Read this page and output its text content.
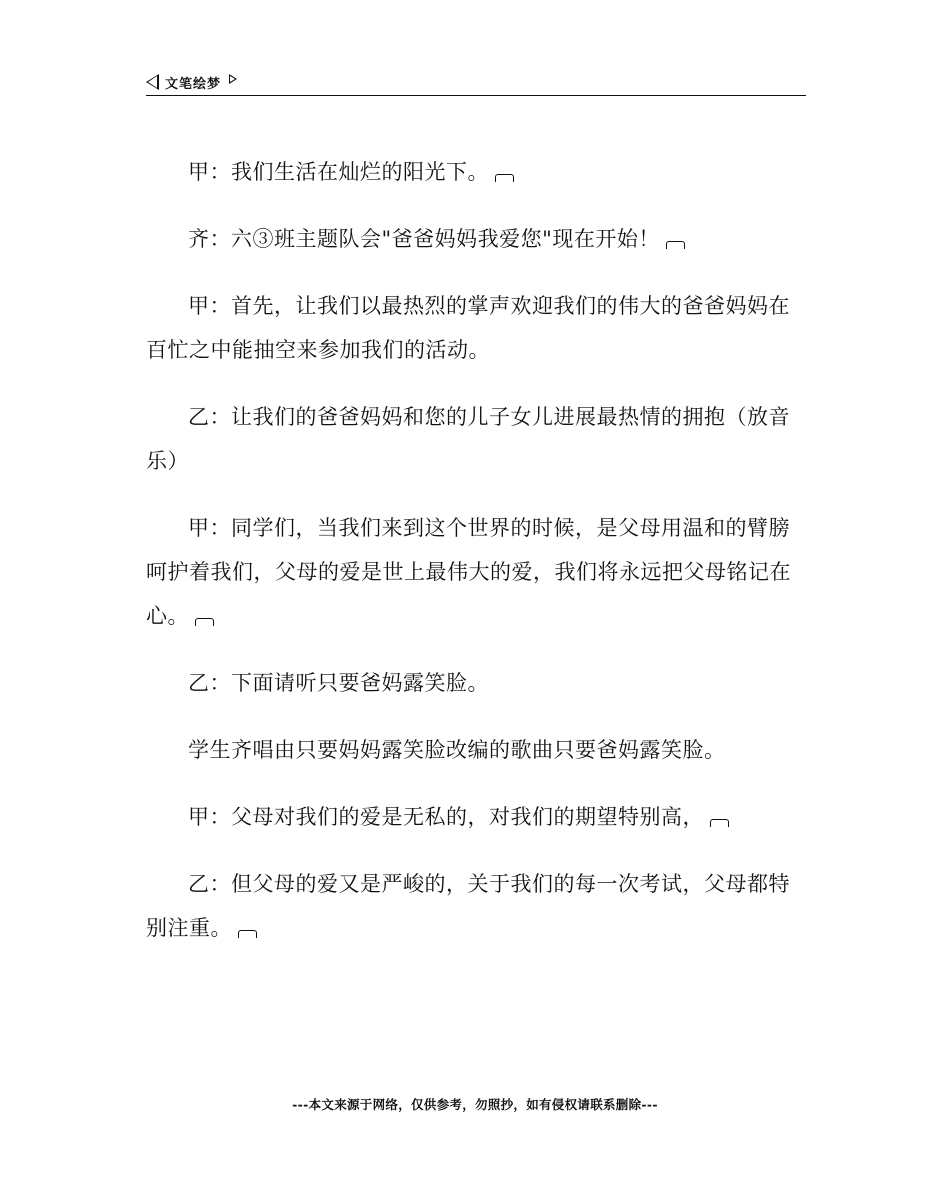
文笔绘梦

甲：我们生活在灿烂的阳光下。

齐：六③班主题队会"爸爸妈妈我爱您"现在开始！

甲：首先，让我们以最热烈的掌声欢迎我们的伟大的爸爸妈妈在百忙之中能抽空来参加我们的活动。

乙：让我们的爸爸妈妈和您的儿子女儿进展最热情的拥抱（放音乐）

甲：同学们，当我们来到这个世界的时候，是父母用温和的臂膀呵护着我们，父母的爱是世上最伟大的爱，我们将永远把父母铭记在心。

乙：下面请听只要爸妈露笑脸。

学生齐唱由只要妈妈露笑脸改编的歌曲只要爸妈露笑脸。

甲：父母对我们的爱是无私的，对我们的期望特别高，

乙：但父母的爱又是严峻的，关于我们的每一次考试，父母都特别注重。

---本文来源于网络，仅供参考，勿照抄，如有侵权请联系删除---
